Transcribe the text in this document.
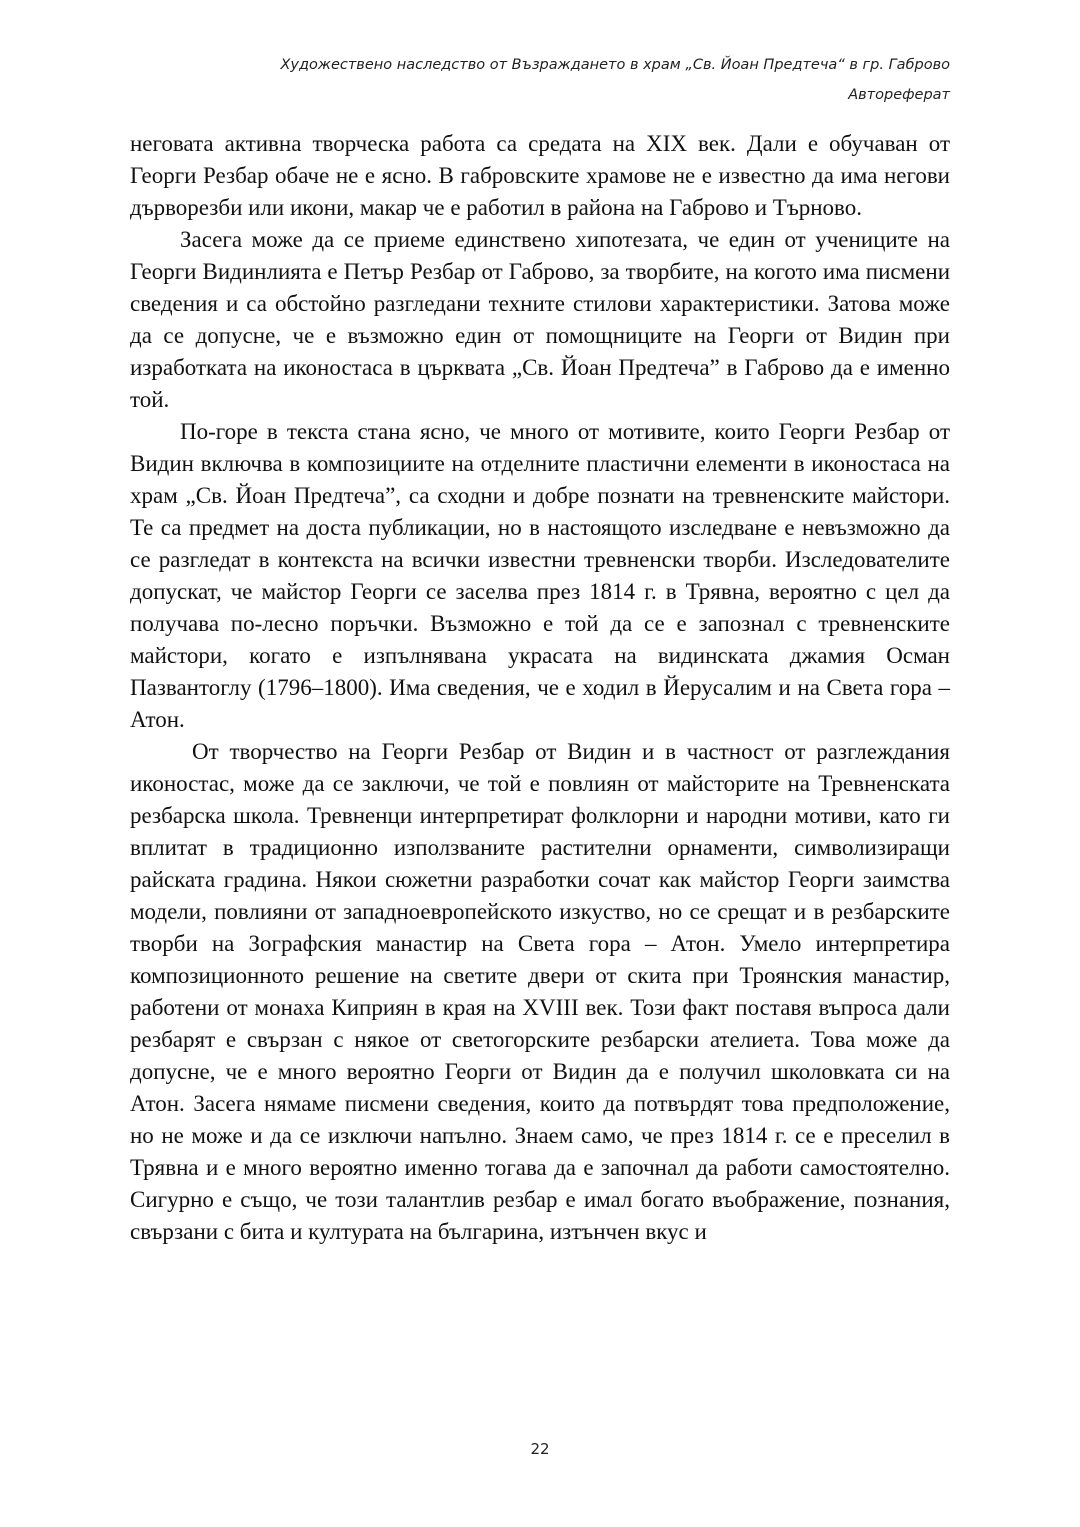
Художествено наследство от Възраждането в храм „Св. Йоан Предтеча“ в гр. Габрово
Автореферат

неговата активна творческа работа са средата на XIX век. Дали е обучаван от Георги Резбар обаче не е ясно. В габровските храмове не е известно да има негови дърворезби или икони, макар че е работил в района на Габрово и Търново.

Засега може да се приеме единствено хипотезата, че един от учениците на Георги Видинлията е Петър Резбар от Габрово, за творбите, на когото има писмени сведения и са обстойно разгледани техните стилови характеристики. Затова може да се допусне, че е възможно един от помощниците на Георги от Видин при изработката на иконостаса в църквата „Св. Йоан Предтеча” в Габрово да е именно той.

По-горе в текста стана ясно, че много от мотивите, които Георги Резбар от Видин включва в композициите на отделните пластични елементи в иконостаса на храм „Св. Йоан Предтеча”, са сходни и добре познати на тревненските майстори. Те са предмет на доста публикации, но в настоящото изследване е невъзможно да се разгледат в контекста на всички известни тревненски творби. Изследователите допускат, че майстор Георги се заселва през 1814 г. в Трявна, вероятно с цел да получава по-лесно поръчки. Възможно е той да се е запознал с тревненските майстори, когато е изпълнявана украсата на видинската джамия Осман Пазвантоглу (1796–1800). Има сведения, че е ходил в Йерусалим и на Света гора – Атон.

От творчество на Георги Резбар от Видин и в частност от разглеждания иконостас, може да се заключи, че той е повлиян от майсторите на Тревненската резбарска школа. Тревненци интерпретират фолклорни и народни мотиви, като ги вплитат в традиционно използваните растителни орнаменти, символизиращи райската градина. Някои сюжетни разработки сочат как майстор Георги заимства модели, повлияни от западноевропейското изкуство, но се срещат и в резбарските творби на Зографския манастир на Света гора – Атон. Умело интерпретира композиционното решение на светите двери от скита при Троянския манастир, работени от монаха Киприян в края на XVIII век. Този факт поставя въпроса дали резбарят е свързан с някое от светогорските резбарски ателиета. Това може да допусне, че е много вероятно Георги от Видин да е получил школовката си на Атон. Засега нямаме писмени сведения, които да потвърдят това предположение, но не може и да се изключи напълно. Знаем само, че през 1814 г. се е преселил в Трявна и е много вероятно именно тогава да е започнал да работи самостоятелно. Сигурно е също, че този талантлив резбар е имал богато въображение, познания, свързани с бита и културата на българина, изтънчен вкус и

22
